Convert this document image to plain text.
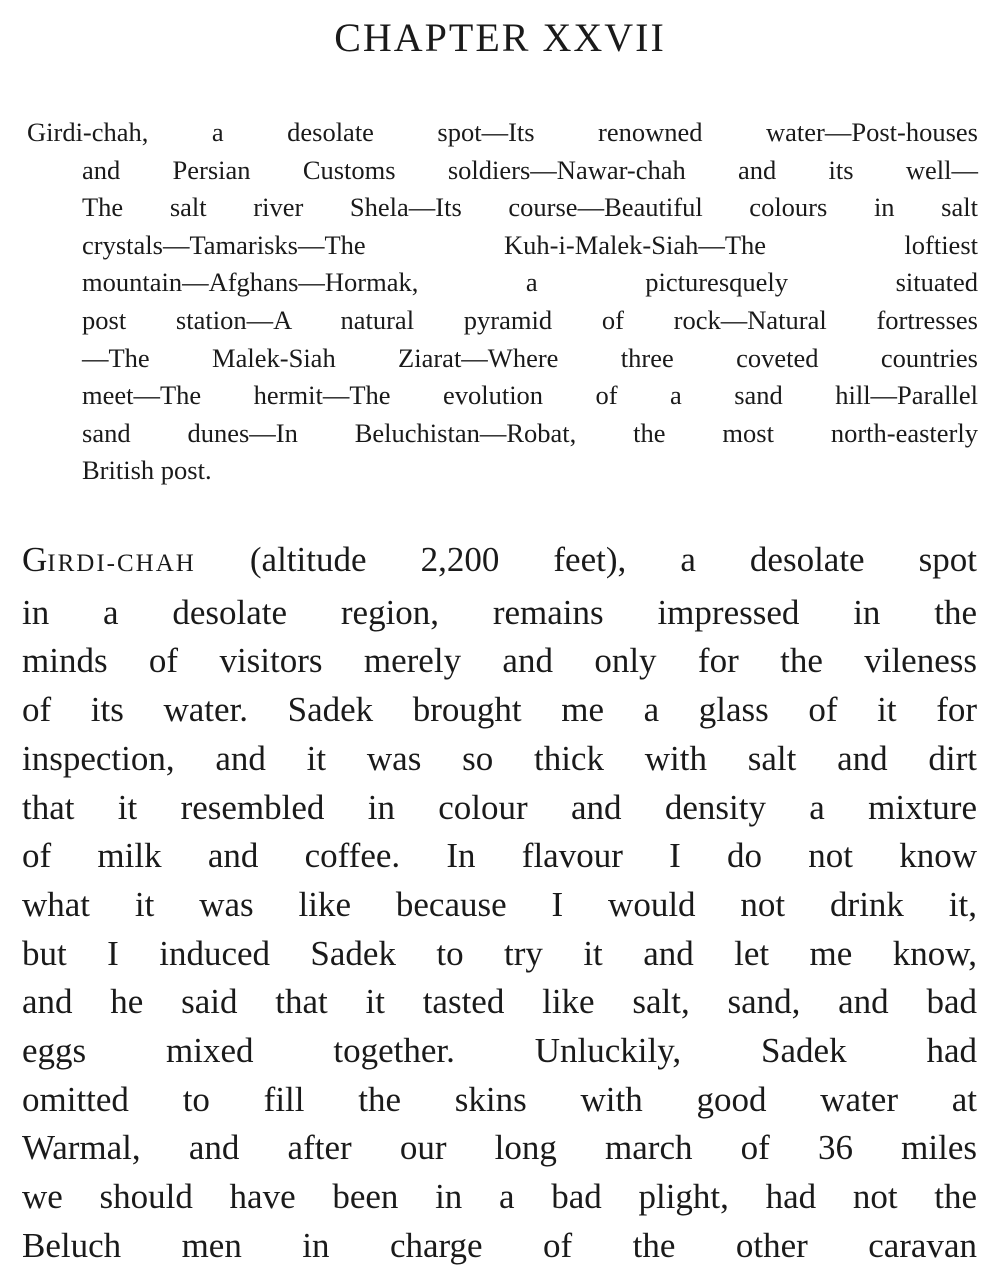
CHAPTER XXVII
Girdi-chah, a desolate spot—Its renowned water—Post-houses
and Persian Customs soldiers—Nawar-chah and its well—
The salt river Shela—Its course—Beautiful colours in salt
crystals—Tamarisks—The Kuh-i-Malek-Siah—The loftiest
mountain—Afghans—Hormak, a picturesquely situated
post station—A natural pyramid of rock—Natural fortresses
—The Malek-Siah Ziarat—Where three coveted countries
meet—The hermit—The evolution of a sand hill—Parallel
sand dunes—In Beluchistan—Robat, the most north-easterly
British post.
GIRDI-CHAH (altitude 2,200 feet), a desolate spot
in a desolate region, remains impressed in the
minds of visitors merely and only for the vileness
of its water. Sadek brought me a glass of it for
inspection, and it was so thick with salt and dirt
that it resembled in colour and density a mixture
of milk and coffee. In flavour I do not know
what it was like because I would not drink it,
but I induced Sadek to try it and let me know,
and he said that it tasted like salt, sand, and bad
eggs mixed together. Unluckily, Sadek had
omitted to fill the skins with good water at
Warmal, and after our long march of 36 miles
we should have been in a bad plight, had not the
Beluch men in charge of the other caravan
